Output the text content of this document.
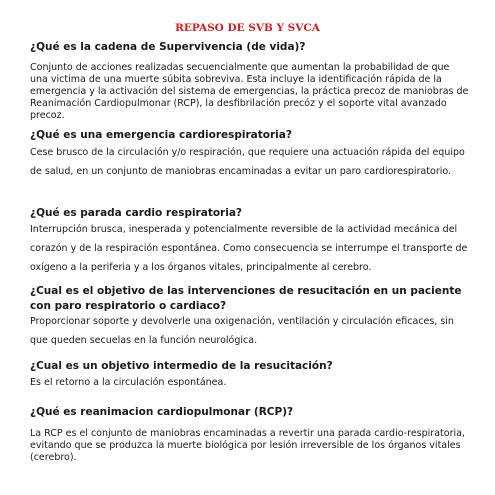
REPASO DE SVB Y SVCA

¿Qué es la cadena de Supervivencia (de vida)?

Conjunto de acciones realizadas secuencialmente que aumentan la probabilidad de que una victima de una muerte súbita sobreviva. Esta incluye la identificación rápida de la emergencia y la activación del sistema de emergencias, la práctica precoz de maniobras de Reanimación Cardiopulmonar (RCP), la desfibrilación precóz y el soporte vital avanzado precoz.

¿Qué es una emergencia cardiorespiratoria?

Cese brusco de la circulación y/o respiración, que requiere una actuación rápida del equipo de salud, en un conjunto de maniobras encaminadas a evitar un paro cardiorespiratorio.

¿Qué es parada cardio respiratoria?

Interrupción brusca, inesperada y potencialmente reversible de la actividad mecánica del corazón y de la respiración espontánea. Como consecuencia se interrumpe el transporte de oxígeno a la periferia y a los órganos vitales, principalmente al cerebro.

¿Cual es el objetivo de las intervenciones de resucitación en un paciente con paro respiratorio o cardiaco?

Proporcionar soporte y devolverle una oxigenación, ventilación y circulación eficaces, sin que queden secuelas en la función neurológica.

¿Cual es un objetivo intermedio de la resucitación?

Es el retorno a la circulación espontánea.

¿Qué es reanimacion cardiopulmonar (RCP)?

La RCP es el conjunto de maniobras encaminadas a revertir una parada cardio-respiratoria, evitando que se produzca la muerte biológica por lesión irreversible de los órganos vitales (cerebro).
